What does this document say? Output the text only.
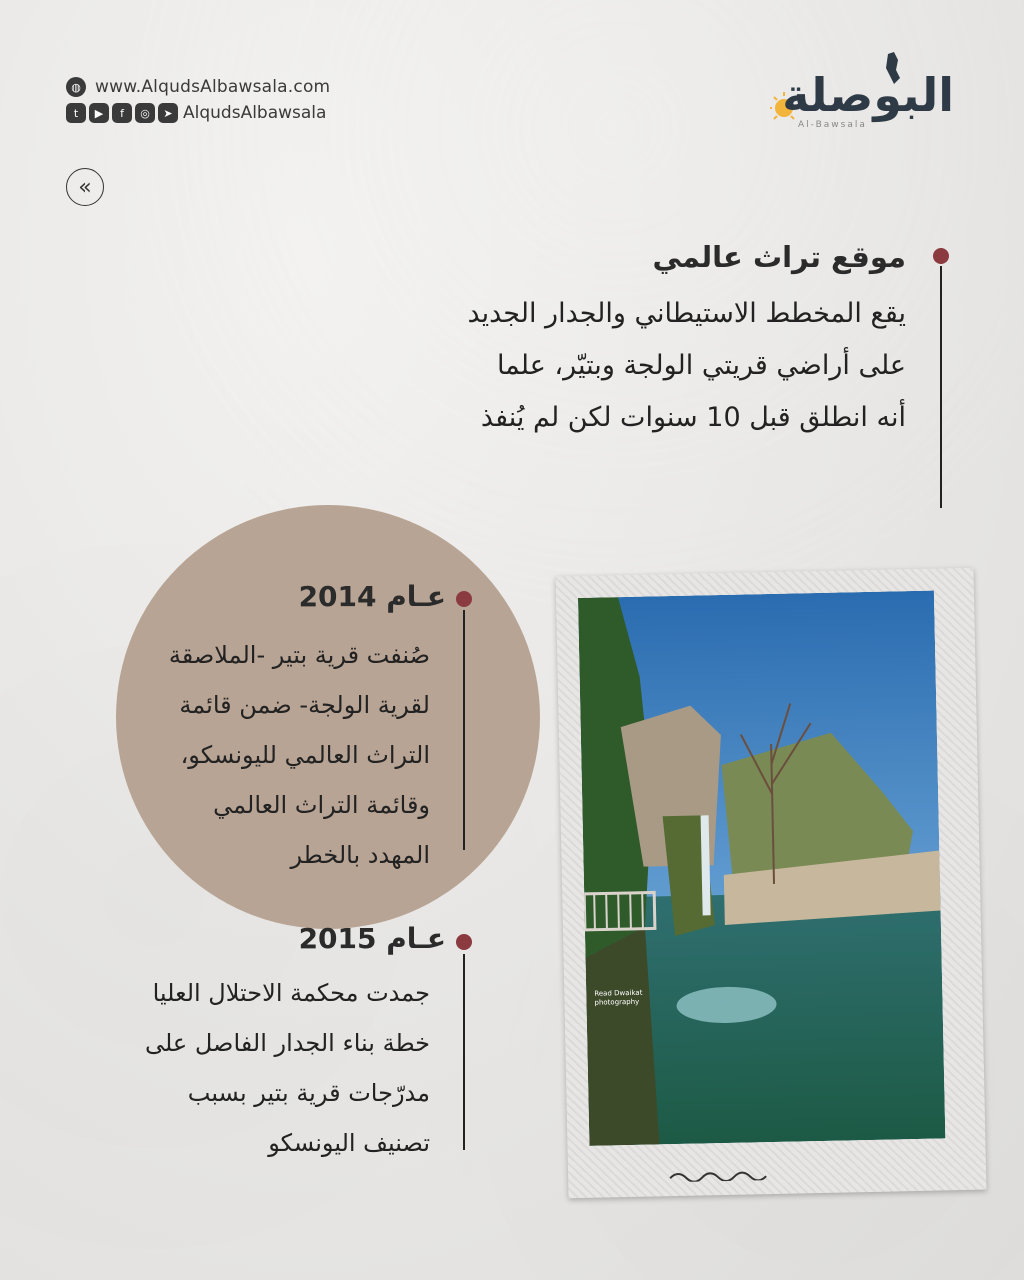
◍ www.AlqudsAlbawsala.com
t	▶	f	◎	➤ AlqudsAlbawsala	البوصلة
Al-Bawsala
«
موقع تراث عالمي
يقع المخطط الاستيطاني والجدار الجديد
على أراضي قريتي الولجة وبتيّر، علما
أنه انطلق قبل 10 سنوات لكن لم يُنفذ
عـام 2014
صُنفت قرية بتير -الملاصقة
لقرية الولجة- ضمن قائمة
التراث العالمي لليونسكو،
وقائمة التراث العالمي
المهدد بالخطر
عـام 2015
جمدت محكمة الاحتلال العليا
خطة بناء الجدار الفاصل على
مدرّجات قرية بتير بسبب
تصنيف اليونسكو
Read Dwaikat
photography
